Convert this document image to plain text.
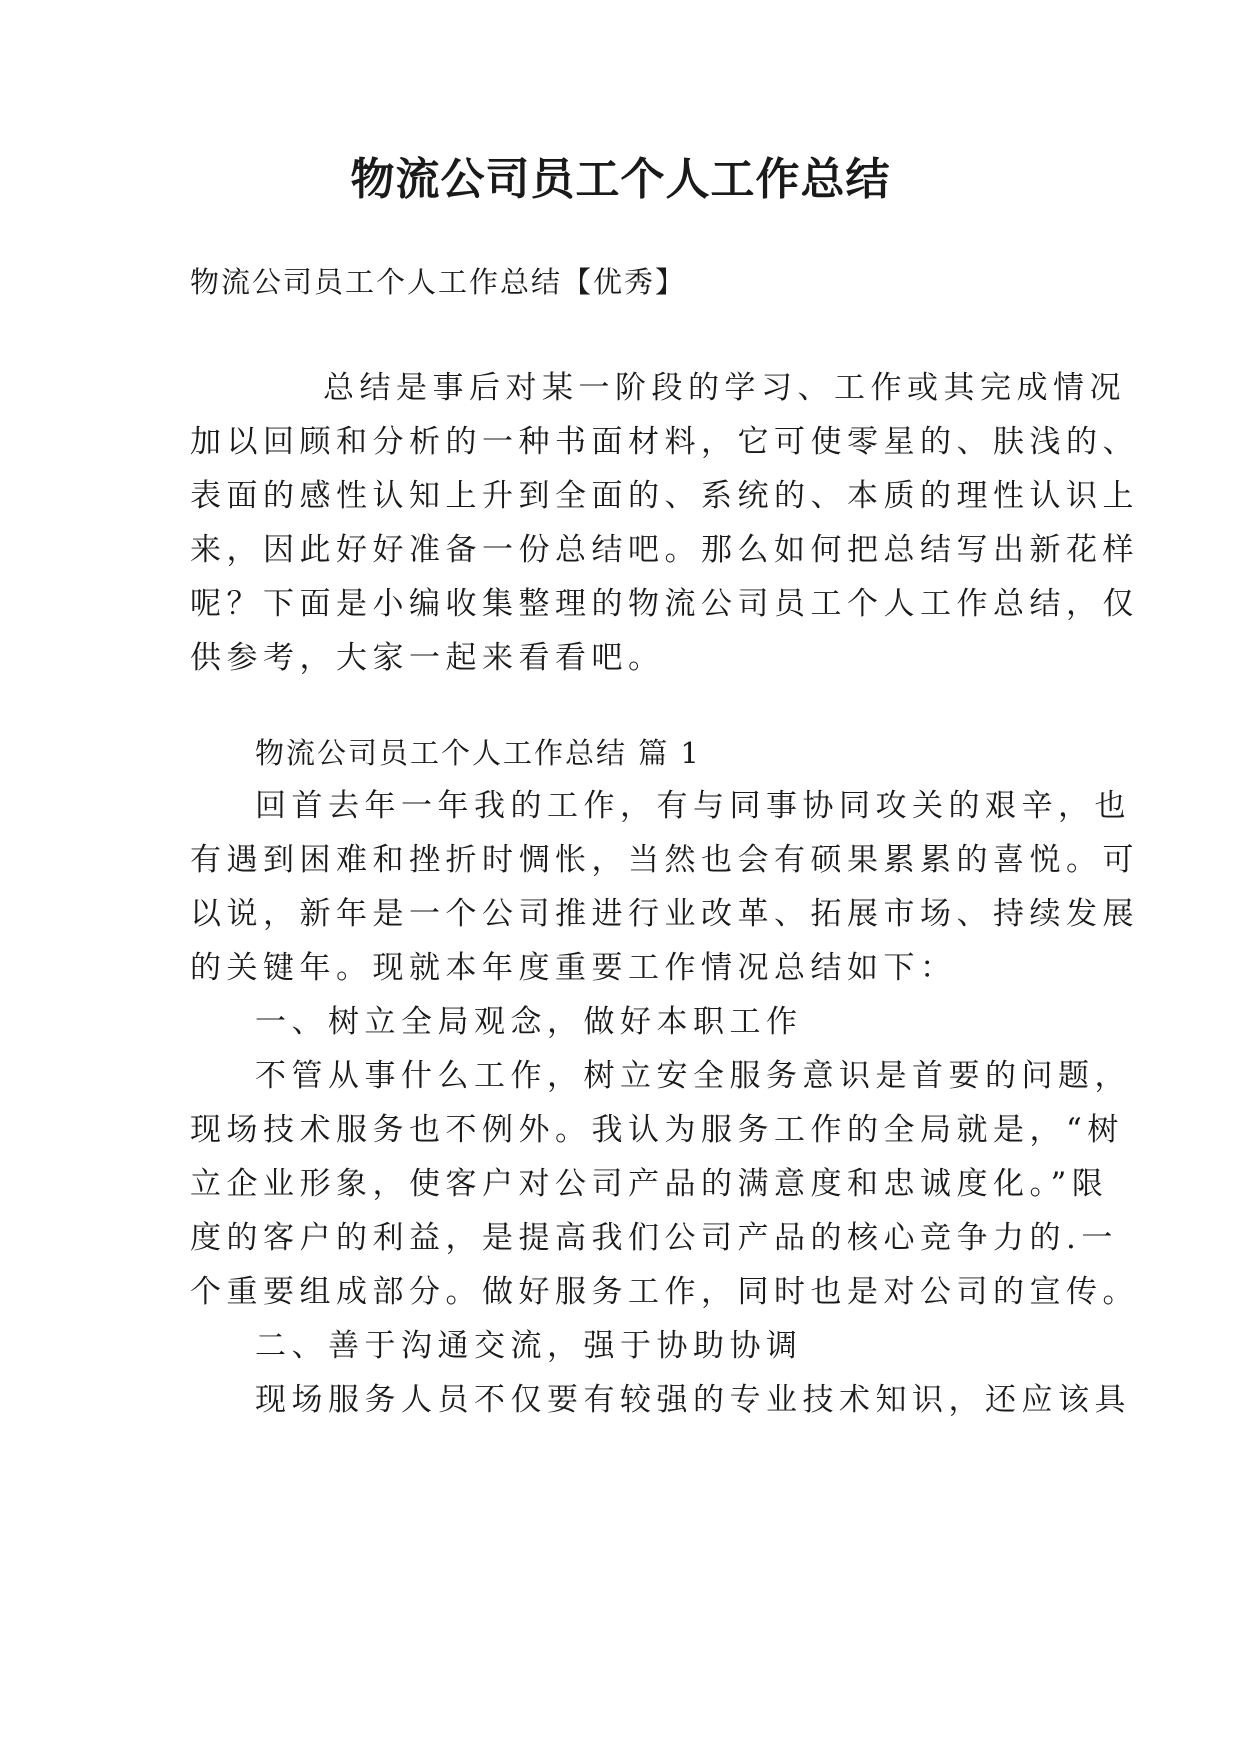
物流公司员工个人工作总结
物流公司员工个人工作总结【优秀】
总结是事后对某一阶段的学习、工作或其完成情况
加以回顾和分析的一种书面材料，它可使零星的、肤浅的、
表面的感性认知上升到全面的、系统的、本质的理性认识上
来，因此好好准备一份总结吧。那么如何把总结写出新花样
呢？下面是小编收集整理的物流公司员工个人工作总结，仅
供参考，大家一起来看看吧。
物流公司员工个人工作总结 篇 1
回首去年一年我的工作，有与同事协同攻关的艰辛，也
有遇到困难和挫折时惆怅，当然也会有硕果累累的喜悦。可
以说，新年是一个公司推进行业改革、拓展市场、持续发展
的关键年。现就本年度重要工作情况总结如下：
一、树立全局观念，做好本职工作
不管从事什么工作，树立安全服务意识是首要的问题，
现场技术服务也不例外。我认为服务工作的全局就是，“树
立企业形象，使客户对公司产品的满意度和忠诚度化。”限
度的客户的利益，是提高我们公司产品的核心竞争力的.一
个重要组成部分。做好服务工作，同时也是对公司的宣传。
二、善于沟通交流，强于协助协调
现场服务人员不仅要有较强的专业技术知识，还应该具
